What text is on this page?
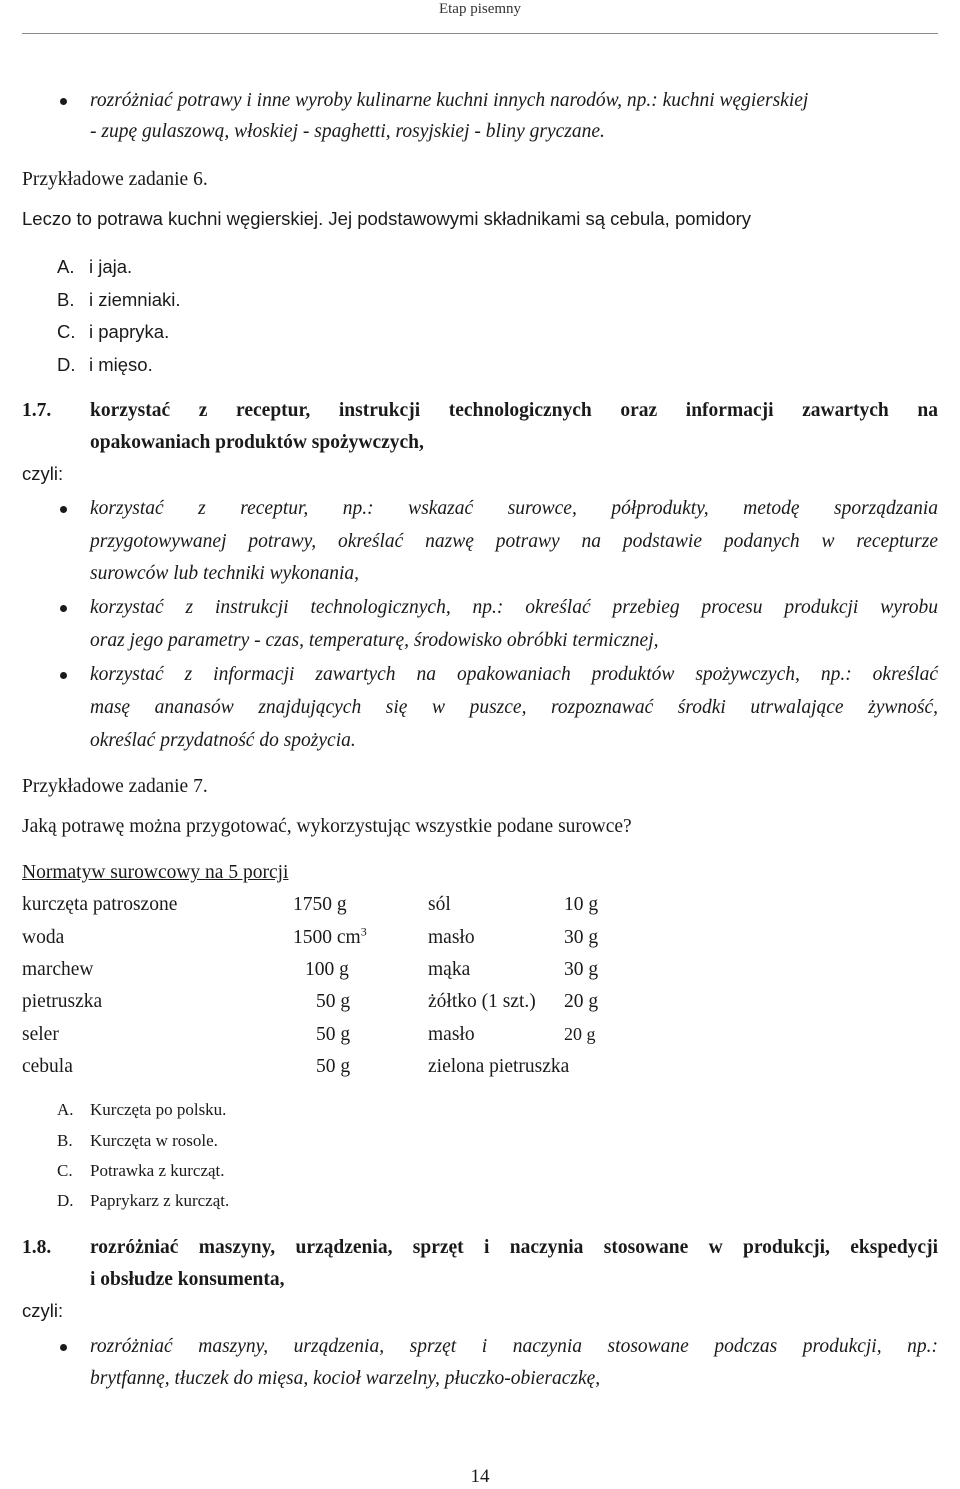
Etap pisemny
rozróżniać potrawy i inne wyroby kulinarne kuchni innych narodów, np.: kuchni węgierskiej
- zupę gulaszową, włoskiej - spaghetti, rosyjskiej - bliny gryczane.
Przykładowe zadanie 6.
Leczo to potrawa kuchni węgierskiej. Jej podstawowymi składnikami są cebula, pomidory
A. i jaja.
B. i ziemniaki.
C. i papryka.
D. i mięso.
1.7. korzystać z receptur, instrukcji technologicznych oraz informacji zawartych na
opakowaniach produktów spożywczych,
czyli:
korzystać z receptur, np.: wskazać surowce, półprodukty, metodę sporządzania
przygotowywanej potrawy, określać nazwę potrawy na podstawie podanych w recepturze
surowców lub techniki wykonania,
korzystać z instrukcji technologicznych, np.: określać przebieg procesu produkcji wyrobu
oraz jego parametry - czas, temperaturę, środowisko obróbki termicznej,
korzystać z informacji zawartych na opakowaniach produktów spożywczych, np.: określać
masę ananasów znajdujących się w puszce, rozpoznawać środki utrwalające żywność,
określać przydatność do spożycia.
Przykładowe zadanie 7.
Jaką potrawę można przygotować, wykorzystując wszystkie podane surowce?
Normatyw surowcowy na 5 porcji
kurczęta patroszone	1750 g	sól	10 g
woda	1500 $cm^3$	masło	30 g
marchew	100 g	mąka	30 g
pietruszka	50 g	żółtko (1 szt.) 20 g
seler	50 g	masło	20 g
cebula	50 g	zielona pietruszka
A. Kurczęta po polsku.
B. Kurczęta w rosole.
C. Potrawka z kurcząt.
D. Paprykarz z kurcząt.
1.8. rozróżniać maszyny, urządzenia, sprzęt i naczynia stosowane w produkcji, ekspedycji
i obsłudze konsumenta,
czyli:
rozróżniać maszyny, urządzenia, sprzęt i naczynia stosowane podczas produkcji, np.:
brytfannę, tłuczek do mięsa, kocioł warzelny, płuczko-obieraczkę,
14
